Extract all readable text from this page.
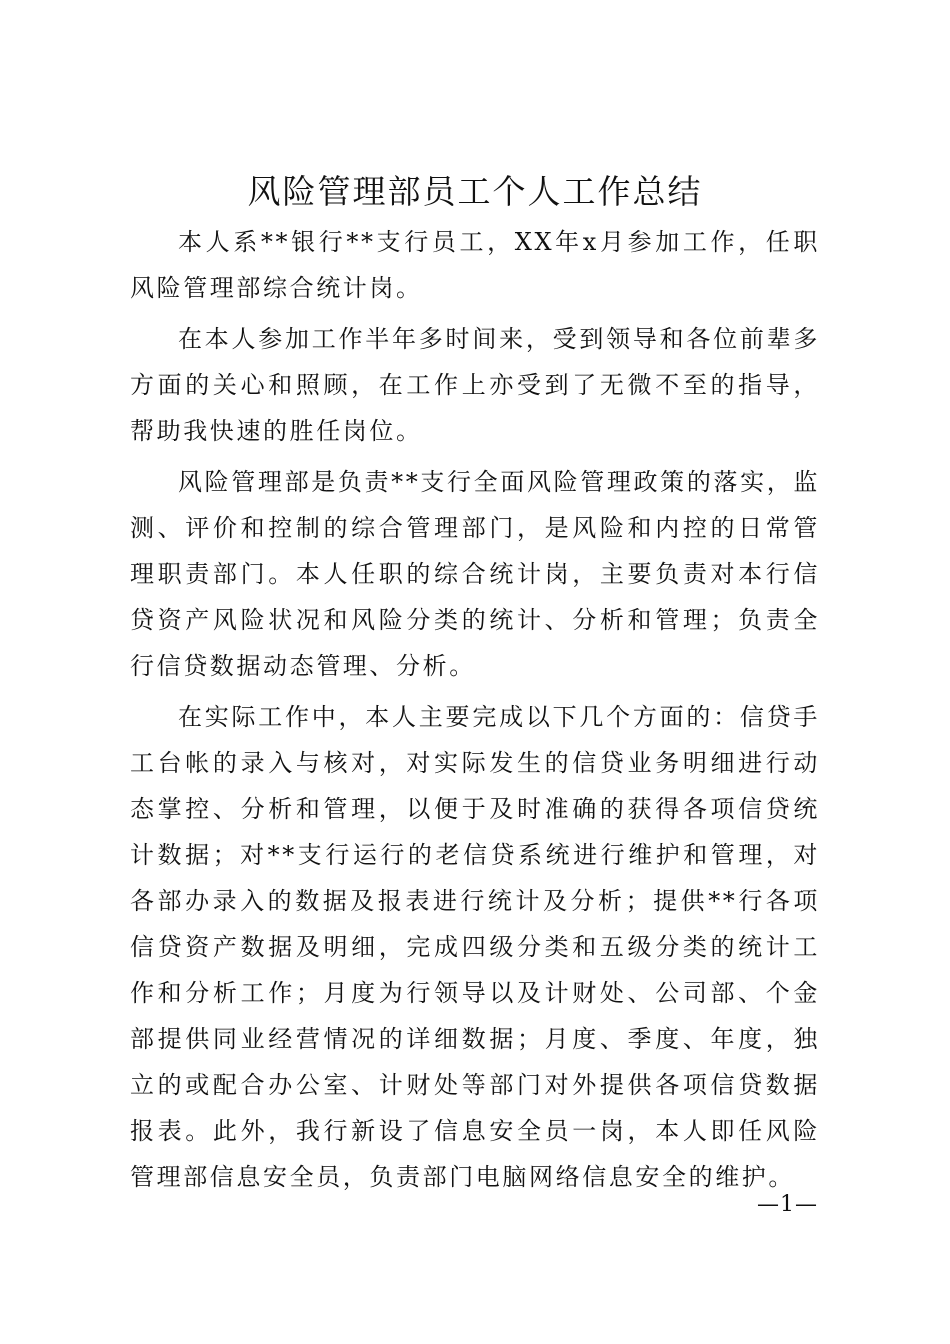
风险管理部员工个人工作总结

本人系**银行**支行员工，XX年x月参加工作，任职风险管理部综合统计岗。

在本人参加工作半年多时间来，受到领导和各位前辈多方面的关心和照顾，在工作上亦受到了无微不至的指导，帮助我快速的胜任岗位。

风险管理部是负责**支行全面风险管理政策的落实，监测、评价和控制的综合管理部门，是风险和内控的日常管理职责部门。本人任职的综合统计岗，主要负责对本行信贷资产风险状况和风险分类的统计、分析和管理；负责全行信贷数据动态管理、分析。

在实际工作中，本人主要完成以下几个方面的：信贷手工台帐的录入与核对，对实际发生的信贷业务明细进行动态掌控、分析和管理，以便于及时准确的获得各项信贷统计数据；对**支行运行的老信贷系统进行维护和管理，对各部办录入的数据及报表进行统计及分析；提供**行各项信贷资产数据及明细，完成四级分类和五级分类的统计工作和分析工作；月度为行领导以及计财处、公司部、个金部提供同业经营情况的详细数据；月度、季度、年度，独立的或配合办公室、计财处等部门对外提供各项信贷数据报表。此外，我行新设了信息安全员一岗，本人即任风险管理部信息安全员，负责部门电脑网络信息安全的维护。

—1—
